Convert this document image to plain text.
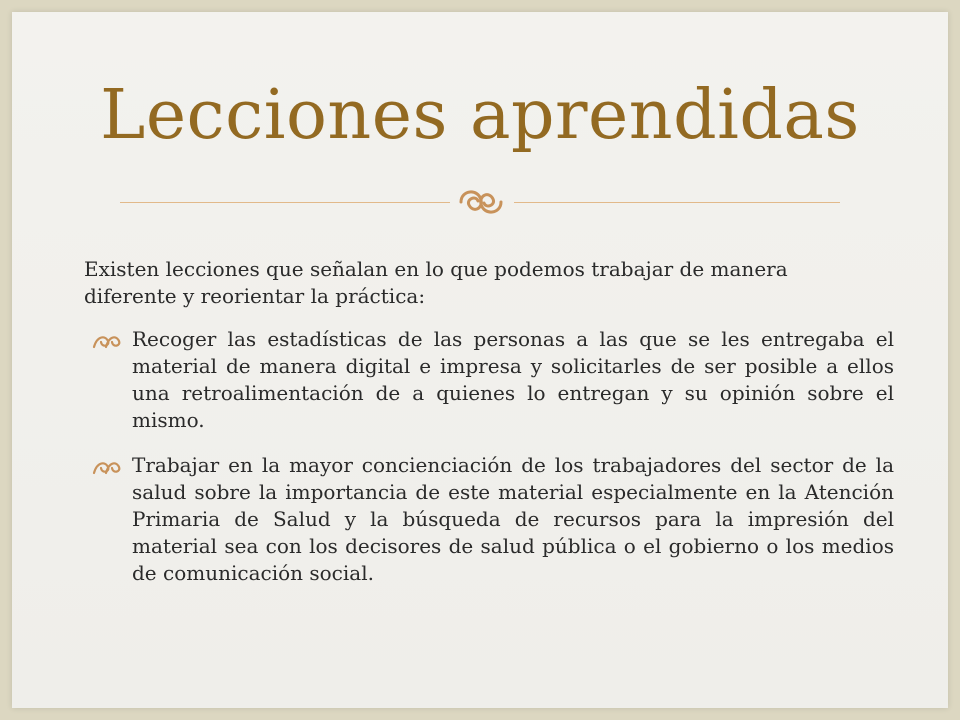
Lecciones aprendidas
Existen lecciones que señalan en lo que podemos trabajar de manera diferente y reorientar la práctica:
Recoger las estadísticas de las personas a las que se les entregaba el material de manera digital e impresa y solicitarles de ser posible a ellos una retroalimentación de a quienes lo entregan y su opinión sobre el mismo.
Trabajar en la mayor concienciación de los trabajadores del sector de la salud sobre la importancia de este material especialmente en la Atención Primaria de Salud y la búsqueda de recursos para la impresión del material sea con los decisores de salud pública o el gobierno o los medios de comunicación social.
